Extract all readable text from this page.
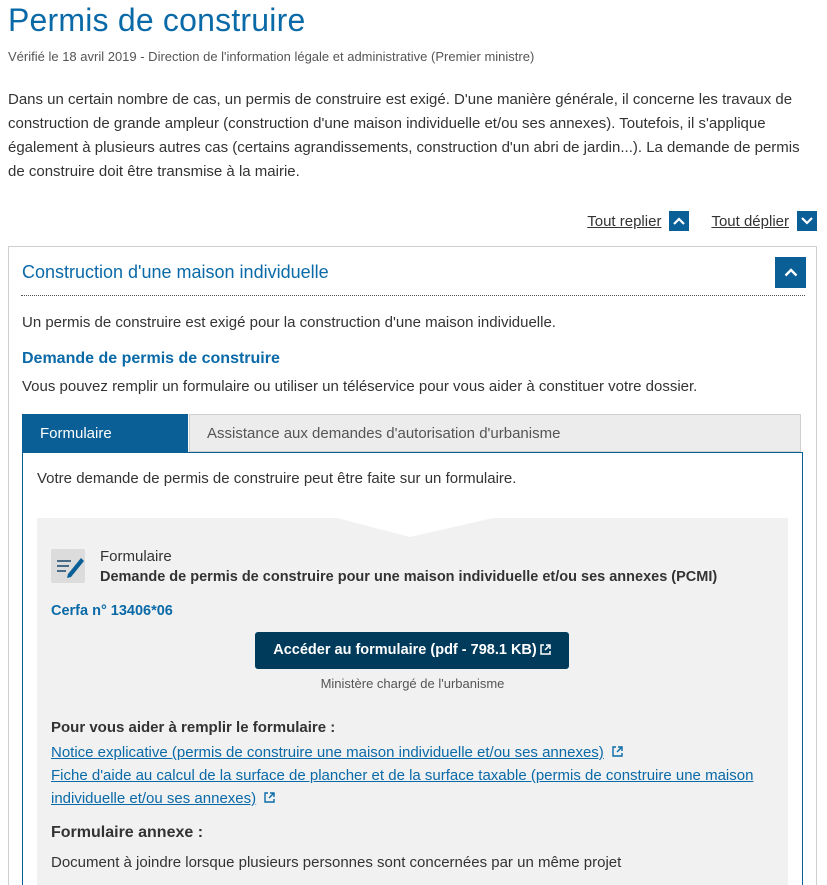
Permis de construire
Vérifié le 18 avril 2019 - Direction de l'information légale et administrative (Premier ministre)

Dans un certain nombre de cas, un permis de construire est exigé. D'une manière générale, il concerne les travaux de construction de grande ampleur (construction d'une maison individuelle et/ou ses annexes). Toutefois, il s'applique également à plusieurs autres cas (certains agrandissements, construction d'un abri de jardin...). La demande de permis de construire doit être transmise à la mairie.

Tout replier	Tout déplier
Construction d'une maison individuelle

Un permis de construire est exigé pour la construction d'une maison individuelle.

Demande de permis de construire

Vous pouvez remplir un formulaire ou utiliser un téléservice pour vous aider à constituer votre dossier.

Formulaire	Assistance aux demandes d'autorisation d'urbanisme

Votre demande de permis de construire peut être faite sur un formulaire.

Formulaire
Demande de permis de construire pour une maison individuelle et/ou ses annexes (PCMI)
Cerfa n° 13406*06
Accéder au formulaire (pdf - 798.1 KB)
Ministère chargé de l'urbanisme
Pour vous aider à remplir le formulaire :
Notice explicative (permis de construire une maison individuelle et/ou ses annexes)
Fiche d'aide au calcul de la surface de plancher et de la surface taxable (permis de construire une maison individuelle et/ou ses annexes)
Formulaire annexe :
Document à joindre lorsque plusieurs personnes sont concernées par un même projet
